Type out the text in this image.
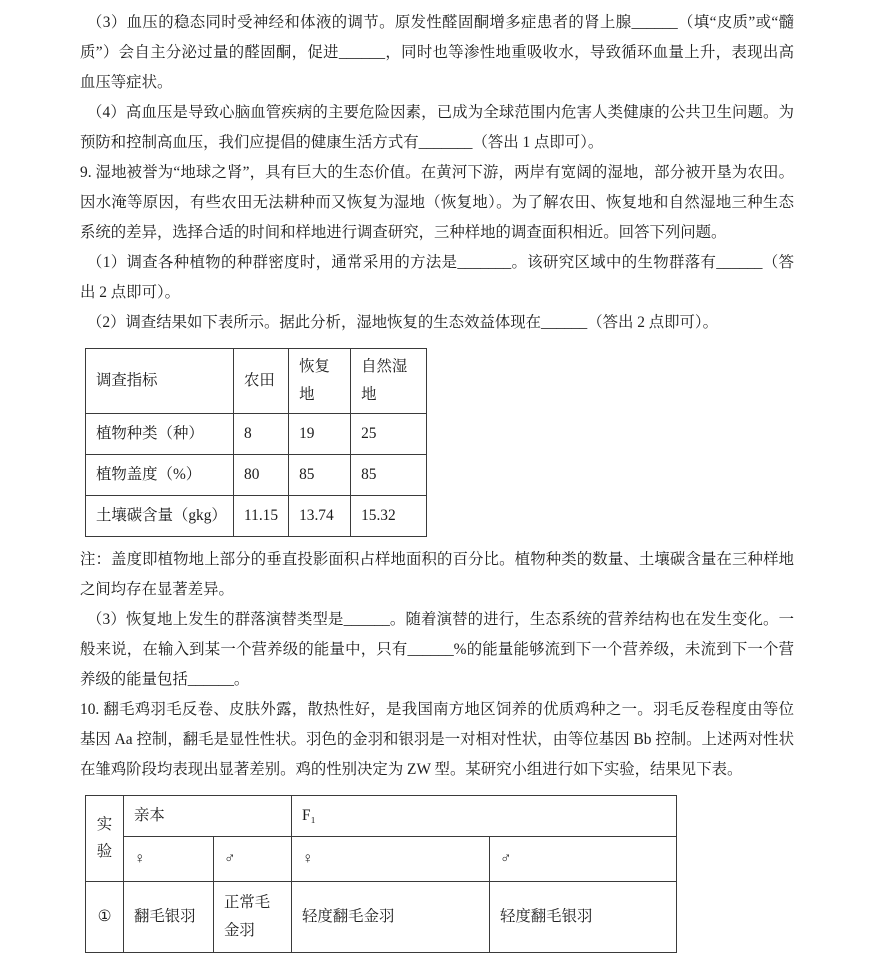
（3）血压的稳态同时受神经和体液的调节。原发性醛固酮增多症患者的肾上腺______（填“皮质”或“髓质”）会自主分泌过量的醛固酮，促进______，同时也等渗性地重吸收水，导致循环血量上升，表现出高血压等症状。

（4）高血压是导致心脑血管疾病的主要危险因素，已成为全球范围内危害人类健康的公共卫生问题。为预防和控制高血压，我们应提倡的健康生活方式有_______（答出 1 点即可）。

9. 湿地被誉为“地球之肾”，具有巨大的生态价值。在黄河下游，两岸有宽阔的湿地，部分被开垦为农田。因水淹等原因，有些农田无法耕种而又恢复为湿地（恢复地）。为了解农田、恢复地和自然湿地三种生态系统的差异，选择合适的时间和样地进行调查研究，三种样地的调查面积相近。回答下列问题。

（1）调查各种植物的种群密度时，通常采用的方法是_______。该研究区域中的生物群落有______（答出 2 点即可）。

（2）调查结果如下表所示。据此分析，湿地恢复的生态效益体现在______（答出 2 点即可）。

调查指标	农田	恢复地	自然湿地
植物种类（种）	8	19	25
植物盖度（%）	80	85	85
土壤碳含量（gkg）	11.15	13.74	15.32

注：盖度即植物地上部分的垂直投影面积占样地面积的百分比。植物种类的数量、土壤碳含量在三种样地之间均存在显著差异。

（3）恢复地上发生的群落演替类型是______。随着演替的进行，生态系统的营养结构也在发生变化。一般来说，在输入到某一个营养级的能量中，只有______%的能量能够流到下一个营养级，未流到下一个营养级的能量包括______。

10. 翻毛鸡羽毛反卷、皮肤外露，散热性好，是我国南方地区饲养的优质鸡种之一。羽毛反卷程度由等位基因 Aa 控制，翻毛是显性性状。羽色的金羽和银羽是一对相对性状，由等位基因 Bb 控制。上述两对性状在雏鸡阶段均表现出显著差别。鸡的性别决定为 ZW 型。某研究小组进行如下实验，结果见下表。

实验	亲本		F₁	
	♀	♂	♀	♂
①	翻毛银羽	正常毛金羽	轻度翻毛金羽	轻度翻毛银羽
